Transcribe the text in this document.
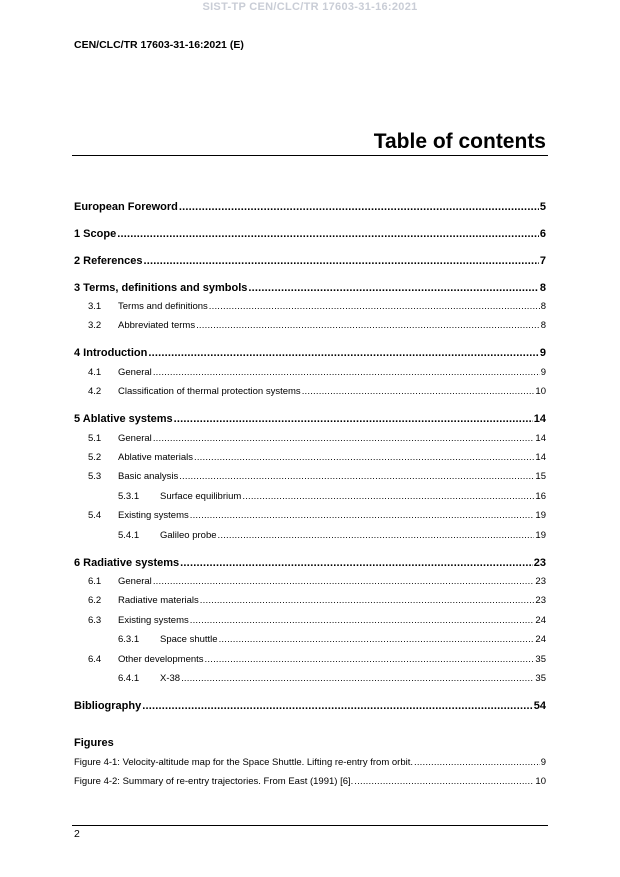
SIST-TP CEN/CLC/TR 17603-31-16:2021
CEN/CLC/TR 17603-31-16:2021 (E)
Table of contents
European Foreword .....	5
1 Scope .....	6
2 References .....	7
3 Terms, definitions and symbols .....	8
3.1	Terms and definitions .....	8
3.2	Abbreviated terms .....	8
4 Introduction .....	9
4.1	General .....	9
4.2	Classification of thermal protection systems .....	10
5 Ablative systems .....	14
5.1	General .....	14
5.2	Ablative materials .....	14
5.3	Basic analysis .....	15
5.3.1	Surface equilibrium .....	16
5.4	Existing systems .....	19
5.4.1	Galileo probe .....	19
6 Radiative systems .....	23
6.1	General .....	23
6.2	Radiative materials .....	23
6.3	Existing systems .....	24
6.3.1	Space shuttle .....	24
6.4	Other developments .....	35
6.4.1	X-38 .....	35
Bibliography .....	54
Figures
Figure 4-1: Velocity-altitude map for the Space Shuttle. Lifting re-entry from orbit. .....	9
Figure 4-2: Summary of re-entry trajectories. From East (1991) [6]. .....	10
2
